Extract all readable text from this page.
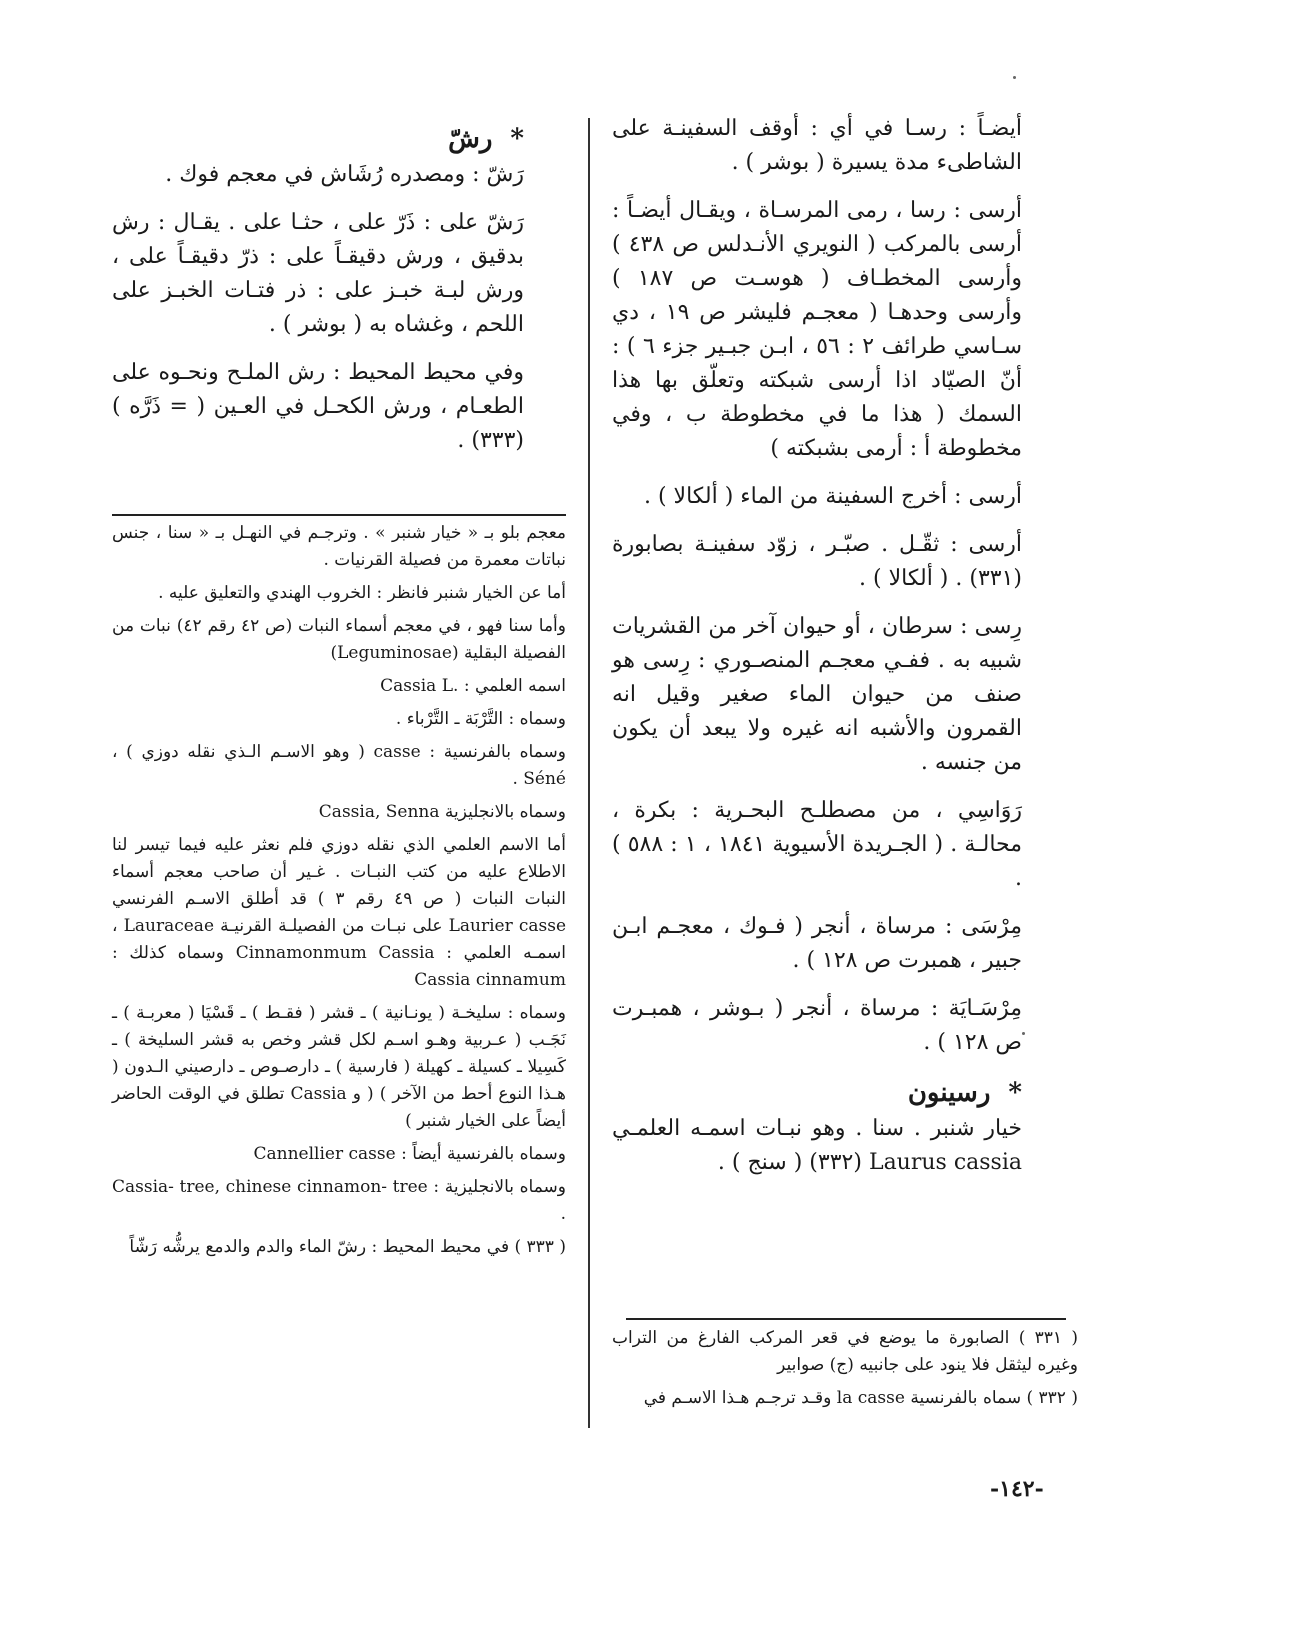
أيضـاً : رسـا في أي : أوقف السفينـة على الشاطىء مدة يسيرة ( بوشر ) .

أرسى : رسا ، رمى المرسـاة ، ويقـال أيضـاً : أرسى بالمركب ( النويري الأنـدلس ص ٤٣٨ ) وأرسى المخطـاف ( هوسـت ص ١٨٧ ) وأرسى وحدهـا ( معجـم فليشر ص ١٩ ، دي سـاسي طرائف ٢ : ٥٦ ، ابـن جبـير جزء ٦ ) : أنّ الصيّاد اذا أرسى شبكته وتعلّق بها هذا السمك ( هذا ما في مخطوطة ب ، وفي مخطوطة أ : أرمى بشبكته )

أرسى : أخرج السفينة من الماء ( ألكالا ) .

أرسى : ثقّـل . صبّـر ، زوّد سفينـة بصابورة (٣٣١) . ( ألكالا ) .

رِسى : سرطان ، أو حيوان آخر من القشريات شبيه به . ففـي معجـم المنصـوري : رِسى هو صنف من حيوان الماء صغير وقيل انه القمرون والأشبه انه غيره ولا يبعد أن يكون من جنسه .

رَوَاسِي ، من مصطلـح البحـرية : بكرة ، محالـة . ( الجـريدة الأسيوية ١٨٤١ ، ١ : ٥٨٨ ) .

مِرْسَى : مرساة ، أنجر ( فـوك ، معجـم ابـن جبير ، همبرت ص ١٢٨ ) .

مِرْسَـايَة : مرساة ، أنجر ( بـوشر ، همبـرت ص ١٢٨ ) .

*
رسينون

خيار شنبر . سنا . وهو نبـات اسمـه العلمـي Laurus cassia (٣٣٢) ( سنج ) .

*
رشّ

رَشّ : ومصدره رُشَاش في معجم فوك .

رَشّ على : ذَرّ على ، حثـا على . يقـال : رش بدقيق ، ورش دقيقـاً على : ذرّ دقيقـاً على ، ورش لبـة خبـز على : ذر فتـات الخبـز على اللحم ، وغشاه به ( بوشر ) .

وفي محيط المحيط : رش الملـح ونحـوه على الطعـام ، ورش الكحـل في العـين ( = ذَرَّه ) (٣٣٣) .

معجم بلو بـ « خيار شنبر » . وترجـم في النهـل بـ « سنا ، جنس نباتات معمرة من فصيلة القرنيات .

أما عن الخيار شنبر فانظر : الخروب الهندي والتعليق عليه .

وأما سنا فهو ، في معجم أسماء النبات (ص ٤٢ رقم ٤٢) نبات من الفصيلة البقلية (Leguminosae)

اسمه العلمي : .Cassia L

وسماه : التَّرْبَة ـ التَّرْباء .

وسماه بالفرنسية : casse ( وهو الاسـم الـذي نقله دوزي ) ، Séné .

وسماه بالانجليزية Cassia, Senna

أما الاسم العلمي الذي نقله دوزي فلم نعثر عليه فيما تيسر لنا الاطلاع عليه من كتب النبـات . غـير أن صاحب معجم أسماء النبات النبات ( ص ٤٩ رقم ٣ ) قد أطلق الاسـم الفرنسي Laurier casse على نبـات من الفصيلـة القرنيـة Lauraceae ، اسمـه العلمي : Cinnamonmum Cassia وسماه كذلك : Cassia cinnamum

وسماه : سليخـة ( يونـانية ) ـ قشر ( فقـط ) ـ قَسْيَا ( معربـة ) ـ نَجَـب ( عـربية وهـو اسـم لكل قشر وخص به قشر السليخة ) ـ كَسِيلا ـ كسيلة ـ كهيلة ( فارسية ) ـ دارصـوص ـ دارصيني الـدون ( هـذا النوع أحط من الآخر ) ( و Cassia تطلق في الوقت الحاضر أيضاً على الخيار شنبر )

وسماه بالفرنسية أيضاً : Cannellier casse

وسماه بالانجليزية : Cassia- tree, chinese cinnamon- tree .

( ٣٣٣ ) في محيط المحيط : رشّ الماء والدم والدمع يرشُّه رَشّاً

( ٣٣١ ) الصابورة ما يوضع في قعر المركب الفارغ من التراب وغيره ليثقل فلا ينود على جانبيه (ج) صوابير

( ٣٣٢ ) سماه بالفرنسية la casse وقـد ترجـم هـذا الاسـم في

-١٤٢-
